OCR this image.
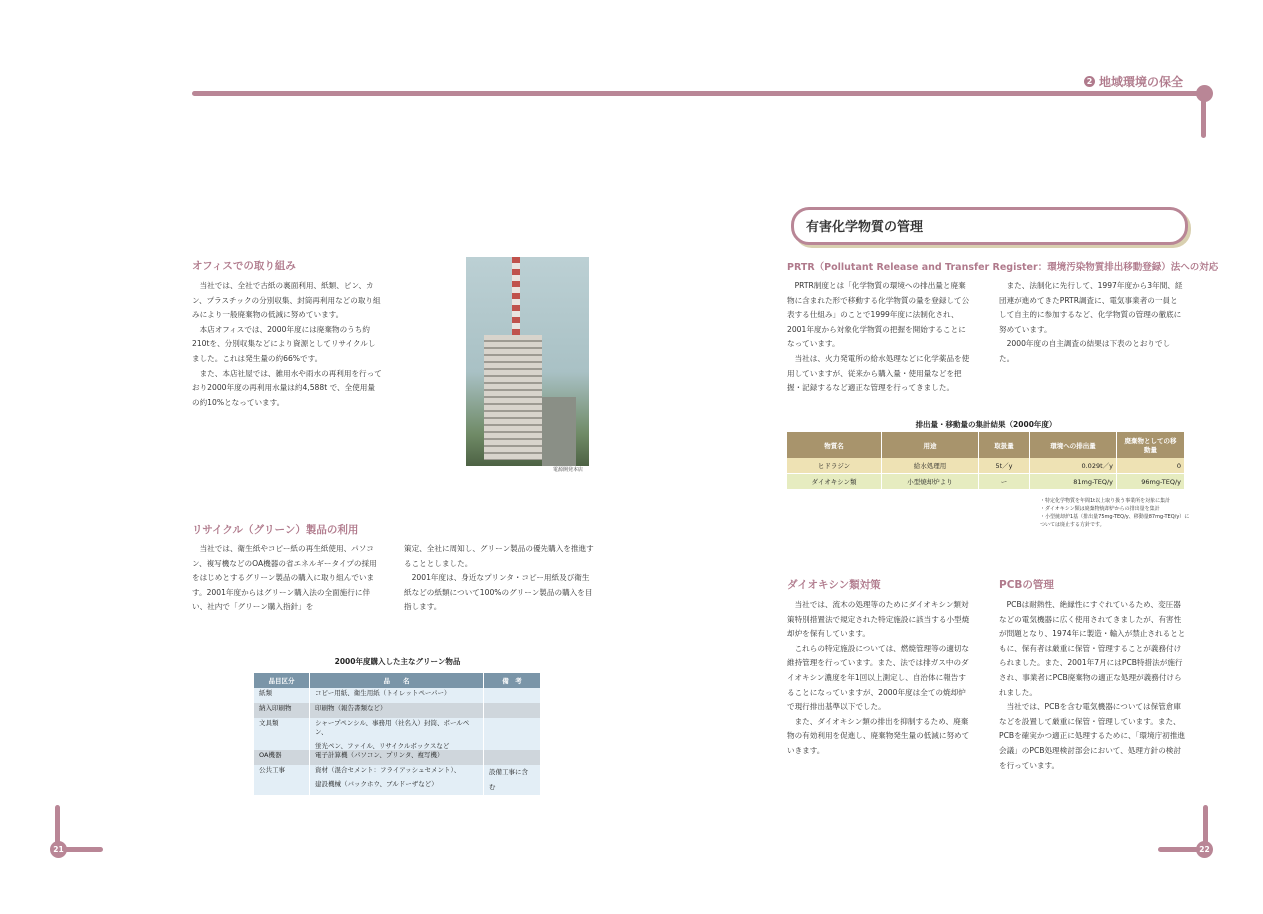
2 地域環境の保全
オフィスでの取り組み

当社では、全社で古紙の裏面利用、紙類、ビン、カン、プラスチックの分別収集、封筒再利用などの取り組みにより一般廃棄物の低減に努めています。

本店オフィスでは、2000年度には廃棄物のうち約210tを、分別収集などにより資源としてリサイクルしました。これは発生量の約66%です。

また、本店社屋では、雑用水や雨水の再利用を行っており2000年度の再利用水量は約4,588t で、全使用量の約10%となっています。

電源開発本店
リサイクル（グリーン）製品の利用

当社では、衛生紙やコピー紙の再生紙使用、パソコン、複写機などのOA機器の省エネルギータイプの採用をはじめとするグリーン製品の購入に取り組んでいます。2001年度からはグリーン購入法の全面施行に伴い、社内で「グリーン購入指針」を

策定、全社に周知し、グリーン製品の優先購入を推進することとしました。

2001年度は、身近なプリンタ・コピー用紙及び衛生紙などの紙類について100%のグリーン製品の購入を目指します。

2000年度購入した主なグリーン物品
品目区分	品　　名	備　考
紙類	コピー用紙、衛生用紙（トイレットペーパー）	
納入印刷物	印刷物（報告書類など）	
文具類	シャープペンシル、事務用（社名入）封筒、ボールペン、
蛍光ペン、ファイル、リサイクルボックスなど	

OA機器	電子計算機（パソコン、プリンタ、複写機）	
公共工事	資材（混合セメント：フライアッシュセメント）、
建設機械（バックホウ、ブルドーザなど）	設備工事に含む
有害化学物質の管理
PRTR（Pollutant Release and Transfer Register：環境汚染物質排出移動登録）法への対応

PRTR制度とは「化学物質の環境への排出量と廃棄物に含まれた形で移動する化学物質の量を登録して公表する仕組み」のことで1999年度に法制化され、2001年度から対象化学物質の把握を開始することになっています。

当社は、火力発電所の給水処理などに化学薬品を使用していますが、従来から購入量・使用量などを把握・記録するなど適正な管理を行ってきました。

また、法制化に先行して、1997年度から3年間、経団連が進めてきたPRTR調査に、電気事業者の一員として自主的に参加するなど、化学物質の管理の徹底に努めています。

2000年度の自主調査の結果は下表のとおりでした。

排出量・移動量の集計結果（2000年度）
物質名	用途	取扱量	環境への排出量	廃棄物としての移動量

ヒドラジン	給水処理用	5t／y	0.029t／y	0
ダイオキシン類	小型焼却炉より	ー	81mg-TEQ/y	96mg-TEQ/y
・特定化学物質を年間1t以上取り扱う事業所を対象に集計
・ダイオキシン類は廃棄物焼却炉からの排出量を集計
・小型焼却炉1基（排出量75mg-TEQ/y、移動量87mg-TEQ/y）については廃止する方針です。
ダイオキシン類対策

当社では、流木の処理等のためにダイオキシン類対策特別措置法で規定された特定施設に該当する小型焼却炉を保有しています。

これらの特定施設については、燃焼管理等の適切な維持管理を行っています。また、法では排ガス中のダイオキシン濃度を年1回以上測定し、自治体に報告することになっていますが、2000年度は全ての焼却炉で現行排出基準以下でした。

また、ダイオキシン類の排出を抑制するため、廃棄物の有効利用を促進し、廃棄物発生量の低減に努めていきます。

PCBの管理

PCBは耐熱性、絶縁性にすぐれているため、変圧器などの電気機器に広く使用されてきましたが、有害性が問題となり、1974年に製造・輸入が禁止されるとともに、保有者は厳重に保管・管理することが義務付けられました。また、2001年7月にはPCB特措法が施行され、事業者にPCB廃棄物の適正な処理が義務付けられました。

当社では、PCBを含む電気機器については保管倉庫などを設置して厳重に保管・管理しています。また、PCBを確実かつ適正に処理するために、「環境庁初推進会議」のPCB処理検討部会において、処理方針の検討を行っています。

21	22
